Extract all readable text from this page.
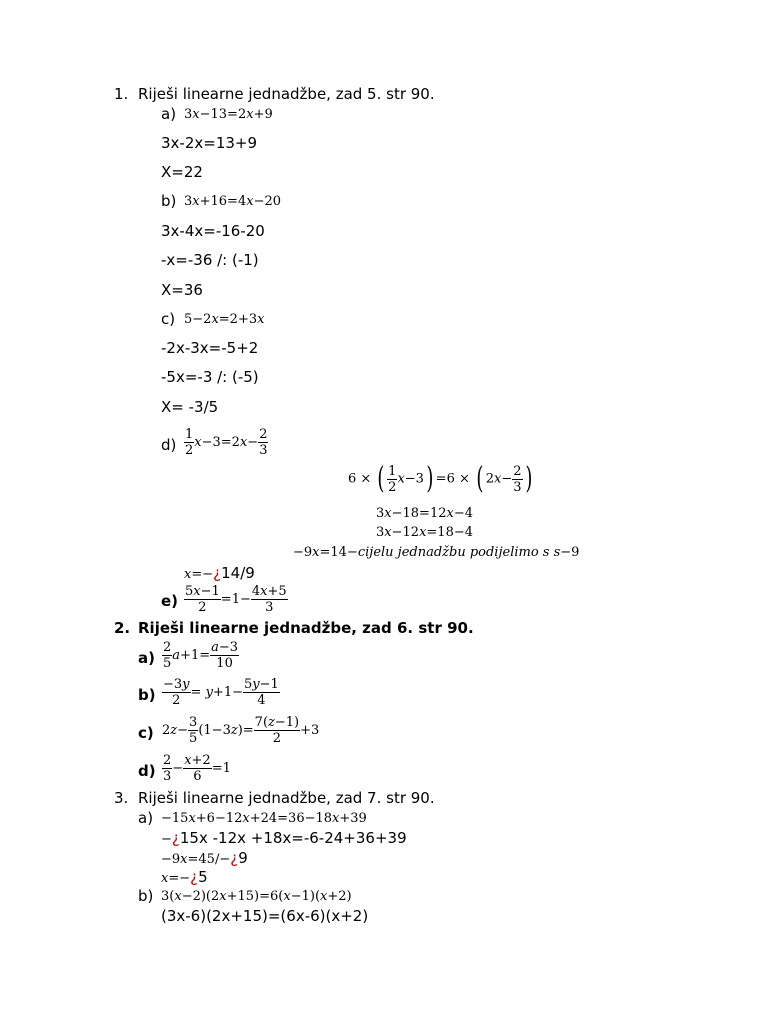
1. Riješi linearne jednadžbe, zad 5. str 90.
a) 3x−13=2x+9
3x-2x=13+9
X=22
b) 3x+16=4x−20
3x-4x=-16-20
-x=-36 /: (-1)
X=36
c) 5−2x=2+3x
-2x-3x=-5+2
-5x=-3 /: (-5)
X= -3/5
$d) \frac{1}{2} x-3=2x- \frac{2}{3}$
6 × ( $\frac{1}{2} x-3) =6$ × ( $2x- \frac{2}{3}$ )
3x−18=12x−4
3x−12x=18−4
−9x=14−cijelu jednadžbu podijelimo s s−9
x=−¿14/9
$e) \frac{5x-1}{2} =1- \frac{4x+5}{3}$
2. Riješi linearne jednadžbe, zad 6. str 90.
$a) \frac{2}{5} a+1= \frac{a-3}{10}$
$b) \frac{-3y}{2} = y+1- \frac{5y-1}{4}$
c) $2z- \frac{3}{5} (1-3z)= \frac{7(z-1)}{2} +3$
$d) \frac{2}{3} - \frac{x+2}{6} =1$
3. Riješi linearne jednadžbe, zad 7. str 90.
a) −15x+6−12x+24=36−18x+39
−¿15x -12x +18x=-6-24+36+39
−9x=45/−¿9
x=−¿5
b) 3(x−2)(2x+15)=6(x−1)(x+2)
(3x-6)(2x+15)=(6x-6)(x+2)
